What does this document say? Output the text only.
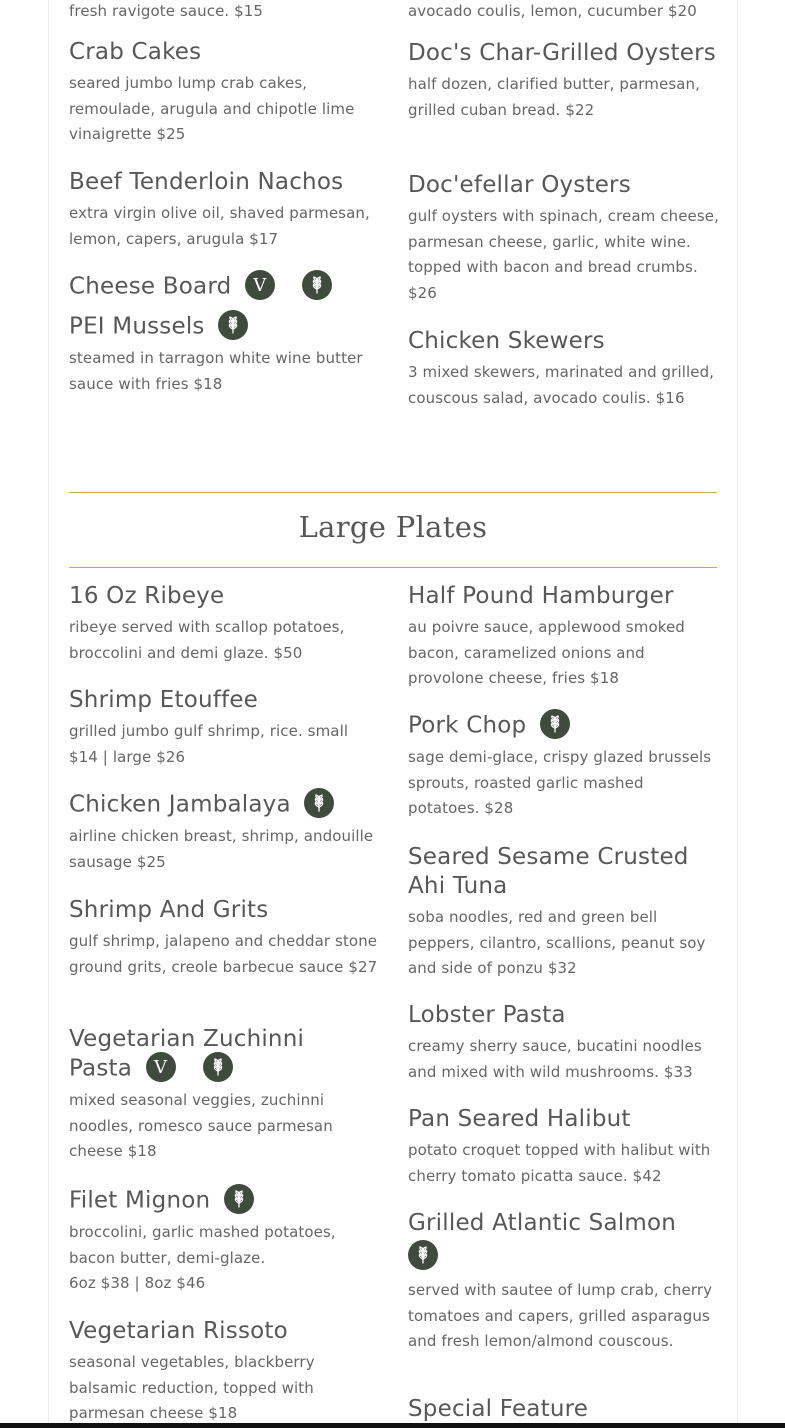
fresh ravigote sauce. $15
Crab Cakes
seared jumbo lump crab cakes, remoulade, arugula and chipotle lime vinaigrette $25
Beef Tenderloin Nachos
extra virgin olive oil, shaved parmesan, lemon, capers, arugula $17
Cheese Board V

PEI Mussels
steamed in tarragon white wine butter sauce with fries $18
avocado coulis, lemon, cucumber $20
Doc's Char-Grilled Oysters
half dozen, clarified butter, parmesan, grilled cuban bread. $22
Doc'efellar Oysters
gulf oysters with spinach, cream cheese, parmesan cheese, garlic, white wine. topped with bacon and bread crumbs. $26
Chicken Skewers
3 mixed skewers, marinated and grilled, couscous salad, avocado coulis. $16
Large Plates
16 Oz Ribeye
ribeye served with scallop potatoes, broccolini and demi glaze. $50
Shrimp Etouffee
grilled jumbo gulf shrimp, rice. small $14 | large $26
Chicken Jambalaya
airline chicken breast, shrimp, andouille sausage $25
Shrimp And Grits
gulf shrimp, jalapeno and cheddar stone ground grits, creole barbecue sauce $27
Vegetarian Zuchinni Pasta V

mixed seasonal veggies, zuchinni noodles, romesco sauce parmesan cheese $18
Filet Mignon
broccolini, garlic mashed potatoes, bacon butter, demi-glaze.
6oz $38 | 8oz $46
Vegetarian Rissoto
seasonal vegetables, blackberry balsamic reduction, topped with parmesan cheese $18
Half Pound Hamburger
au poivre sauce, applewood smoked bacon, caramelized onions and provolone cheese, fries $18
Pork Chop
sage demi-glace, crispy glazed brussels sprouts, roasted garlic mashed potatoes. $28
Seared Sesame Crusted Ahi Tuna
soba noodles, red and green bell peppers, cilantro, scallions, peanut soy and side of ponzu $32
Lobster Pasta
creamy sherry sauce, bucatini noodles and mixed with wild mushrooms. $33
Pan Seared Halibut
potato croquet topped with halibut with cherry tomato picatta sauce. $42
Grilled Atlantic Salmon
served with sautee of lump crab, cherry tomatoes and capers, grilled asparagus and fresh lemon/almond couscous.
Special Feature
